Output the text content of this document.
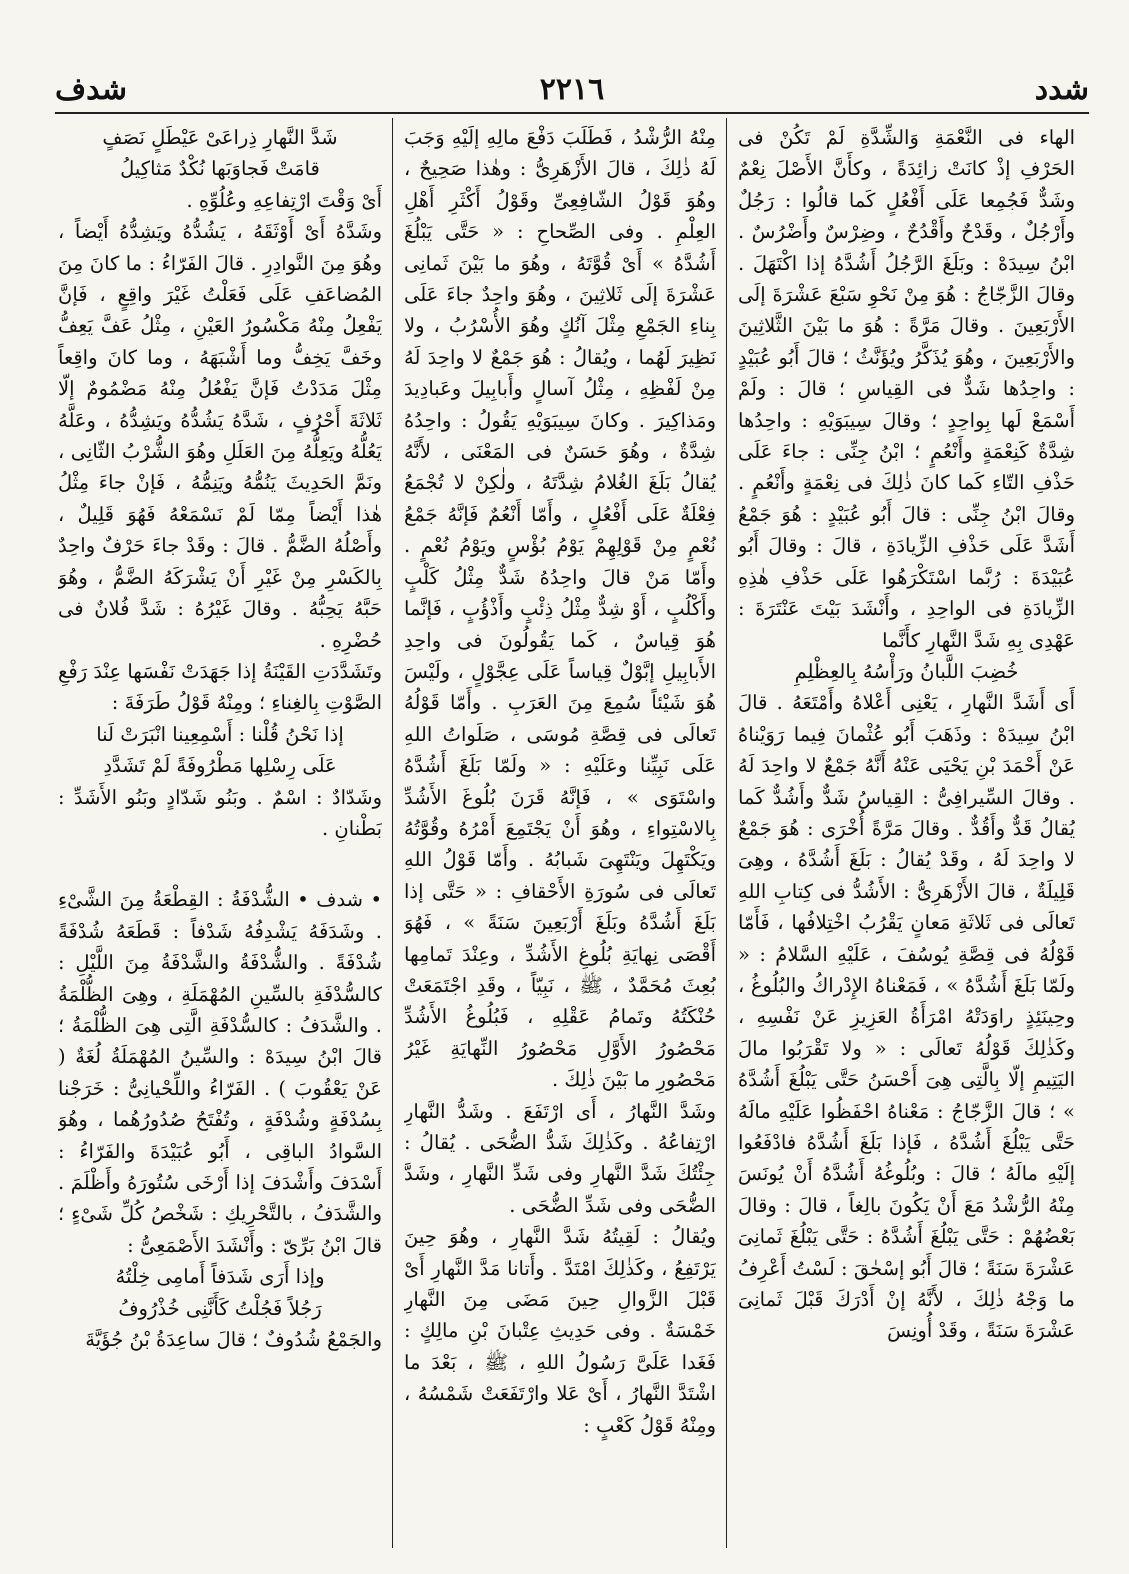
شدد
٢٢١٦
شدف

الهاء فى النَّعْمَةِ وَالشِّدَّةِ لَمْ تَكُنْ فى الحَرْفِ إذْ كانَتْ زائِدَةً ، وكأَنَّ الأَصْلَ نِعْمٌ وشَدٌّ فَجُمِعا عَلَى أَفْعُلٍ كَما قالُوا : رَجُلٌ وأَرْجُلٌ ، وقَدْحٌ وأَقْدُحٌ ، وضِرْسٌ وأَضْرُسٌ . ابْنُ سِيدَهْ : وبَلَغَ الرَّجُلُ أَشُدَّهُ إذا اكْتَهَلَ . وقالَ الزَّجّاجُ : هُوَ مِنْ نَحْوِ سَبْعَ عَشْرَةَ إلَى الأَرْبَعِينَ . وقالَ مَرَّةً : هُوَ ما بَيْنَ الثَّلاثِينَ والأَرْبَعِينَ ، وهُوَ يُذَكَّرُ ويُؤَنَّثُ ؛ قالَ أَبُو عُبَيْدٍ : واحِدُها شَدٌّ فى القِياسِ ؛ قالَ : ولَمْ أَسْمَعْ لَها بِواحِدٍ ؛ وقالَ سِيبَوَيْهِ : واحِدُها شِدَّةٌ كَنِعْمَةٍ وأَنْعُمٍ ؛ ابْنُ جِنِّى : جاءَ عَلَى حَذْفِ التّاءِ كَما كانَ ذٰلِكَ فى نِعْمَةٍ وأَنْعُمٍ . وقالَ ابْنُ جِنِّى : قالَ أَبُو عُبَيْدٍ : هُوَ جَمْعُ أَشَدَّ عَلَى حَذْفِ الزِّيادَةِ ، قالَ : وقالَ أَبُو عُبَيْدَةَ : رُبَّما اسْتَكْرَهُوا عَلَى حَذْفِ هٰذِهِ الزِّيادَةِ فى الواحِدِ ، وأَنْشَدَ بَيْتَ عَنْتَرَةَ : عَهْدِى بِهِ شَدَّ النَّهارِ كأَنَّما

خُضِبَ اللَّبانُ ورَأْسُهُ بِالعِظْلِمِ

أَى أَشَدَّ النَّهارِ ، يَعْنِى أَعْلاهُ وأَمْتَعَهُ . قالَ ابْنُ سِيدَهْ : وذَهَبَ أَبُو عُثْمانَ فِيما رَوَيْناهُ عَنْ أَحْمَدَ بْنِ يَحْيَى عَنْهُ أَنَّهُ جَمْعٌ لا واحِدَ لَهُ . وقالَ السِّيرافِىُّ : القِياسُ شَدٌّ وأَشُدٌّ كَما يُقالُ قَدٌّ وأَقُدٌّ . وقالَ مَرَّةً أُخْرَى : هُوَ جَمْعٌ لا واحِدَ لَهُ ، وقَدْ يُقالُ : بَلَغَ أَشُدَّهُ ، وهِىَ قَلِيلَةٌ ، قالَ الأَزْهَرِىُّ : الأَشُدُّ فى كِتابِ اللهِ تَعالَى فى ثَلاثَةِ مَعانٍ يَقْرُبُ اخْتِلافُها ، فَأَمّا قَوْلُهُ فى قِصَّةِ يُوسُفَ ، عَلَيْهِ السَّلامُ : « ولَمّا بَلَغَ أَشُدَّهُ » ، فَمَعْناهُ الإِدْراكُ والبُلُوغُ ، وحِينَئِذٍ راوَدَتْهُ امْرَأَةُ العَزِيزِ عَنْ نَفْسِهِ ، وكَذٰلِكَ قَوْلُهُ تَعالَى : « ولا تَقْرَبُوا مالَ اليَتِيمِ إلّا بِالَّتِى هِىَ أَحْسَنُ حَتَّى يَبْلُغَ أَشُدَّهُ » ؛ قالَ الزَّجّاجُ : مَعْناهُ احْفَظُوا عَلَيْهِ مالَهُ حَتَّى يَبْلُغَ أَشُدَّهُ ، فَإذا بَلَغَ أَشُدَّهُ فادْفَعُوا إلَيْهِ مالَهُ ؛ قالَ : وبُلُوغُهُ أَشُدَّهُ أَنْ يُونَسَ مِنْهُ الرُّشْدُ مَعَ أَنْ يَكُونَ بالِغاً ، قالَ : وقالَ بَعْضُهُمْ : حَتَّى يَبْلُغَ أَشُدَّهُ : حَتَّى يَبْلُغَ ثَمانِىَ عَشْرَةَ سَنَةً ؛ قالَ أَبُو إسْحٰقَ : لَسْتُ أَعْرِفُ ما وَجْهُ ذٰلِكَ ، لأَنَّهُ إنْ أَدْرَكَ قَبْلَ ثَمانِىَ عَشْرَةَ سَنَةً ، وقَدْ أُونِسَ

مِنْهُ الرُّشْدُ ، فَطَلَبَ دَفْعَ مالِهِ إلَيْهِ وَجَبَ لَهُ ذٰلِكَ ، قالَ الأَزْهَرِىُّ : وهٰذا صَحِيحٌ ، وهُوَ قَوْلُ الشّافِعِىِّ وقَوْلُ أَكْثَرِ أَهْلِ العِلْمِ . وفى الصِّحاحِ : « حَتَّى يَبْلُغَ أَشُدَّهُ » أَىْ قُوَّتَهُ ، وهُوَ ما بَيْنَ ثَمانِى عَشْرَةَ إلَى ثَلاثِينَ ، وهُوَ واحِدٌ جاءَ عَلَى بِناءِ الجَمْعِ مِثْلَ آنُكٍ وهُوَ الأُسْرُبُ ، ولا نَظِيرَ لَهُما ، ويُقالُ : هُوَ جَمْعٌ لا واحِدَ لَهُ مِنْ لَفْظِهِ ، مِثْلُ آسالٍ وأَبابِيلَ وعَبادِيدَ ومَذاكِيرَ . وكانَ سِيبَوَيْهِ يَقُولُ : واحِدُهُ شِدَّةٌ ، وهُوَ حَسَنٌ فى المَعْنَى ، لأَنَّهُ يُقالُ بَلَغَ الغُلامُ شِدَّتَهُ ، ولٰكِنْ لا تُجْمَعُ فِعْلَةٌ عَلَى أَفْعُلٍ ، وأَمّا أَنْعُمٌ فَإنَّهُ جَمْعُ نُعْمٍ مِنْ قَوْلِهِمْ يَوْمُ بُؤْسٍ ويَوْمُ نُعْمٍ . وأَمّا مَنْ قالَ واحِدُهُ شَدٌّ مِثْلُ كَلْبٍ وأَكْلُبٍ ، أَوْ شِدٌّ مِثْلُ ذِئْبٍ وأَذْؤُبٍ ، فَإنَّما هُوَ قِياسٌ ، كَما يَقُولُونَ فى واحِدِ الأَبابِيلِ إبَّوْلٌ قِياساً عَلَى عِجَّوْلٍ ، ولَيْسَ هُوَ شَيْئاً سُمِعَ مِنَ العَرَبِ . وأَمّا قَوْلُهُ تَعالَى فى قِصَّةِ مُوسَى ، صَلَواتُ اللهِ عَلَى نَبِيِّنا وعَلَيْهِ : « ولَمّا بَلَغَ أَشُدَّهُ واسْتَوَى » ، فَإنَّهُ قَرَنَ بُلُوغَ الأَشُدِّ بِالاسْتِواءِ ، وهُوَ أَنْ يَجْتَمِعَ أَمْرُهُ وقُوَّتُهُ ويَكْتَهِلَ ويَنْتَهِىَ شَبابُهُ . وأَمّا قَوْلُ اللهِ تَعالَى فى سُورَةِ الأَحْقافِ : « حَتَّى إذا بَلَغَ أَشُدَّهُ وبَلَغَ أَرْبَعِينَ سَنَةً » ، فَهُوَ أَقْصَى نِهايَةِ بُلُوغِ الأَشُدِّ ، وعِنْدَ تَمامِها بُعِثَ مُحَمَّدٌ ، ﷺ ، نَبِيّاً ، وقَدِ اجْتَمَعَتْ حُنْكَتُهُ وتَمامُ عَقْلِهِ ، فَبُلُوغُ الأَشُدِّ مَحْصُورُ الأَوَّلِ مَحْصُورُ النِّهايَةِ غَيْرُ مَحْصُورِ ما بَيْنَ ذٰلِكَ .

وشَدَّ النَّهارُ ، أَى ارْتَفَعَ . وشَدُّ النَّهارِ ارْتِفاعُهُ . وكَذٰلِكَ شَدُّ الضُّحَى . يُقالُ : جِئْتُكَ شَدَّ النَّهارِ وفى شَدِّ النَّهارِ ، وشَدَّ الضُّحَى وفى شَدِّ الضُّحَى .

ويُقالُ : لَقِيتُهُ شَدَّ النَّهارِ ، وهُوَ حِينَ يَرْتَفِعُ ، وكَذٰلِكَ امْتَدَّ . وأَتانا مَدَّ النَّهارِ أَىْ قَبْلَ الزَّوالِ حِينَ مَضَى مِنَ النَّهارِ خَمْسَةٌ . وفى حَدِيثِ عِتْبانَ بْنِ مالِكٍ : فَغَدا عَلَىَّ رَسُولُ اللهِ ، ﷺ ، بَعْدَ ما اشْتَدَّ النَّهارُ ، أَىْ عَلا وارْتَفَعَتْ شَمْسُهُ ، ومِنْهُ قَوْلُ كَعْبٍ :

شَدَّ النَّهارِ ذِراعَىْ عَيْطَلٍ نَصَفٍ

قامَتْ فَجاوَبَها نُكْدٌ مَثاكِيلُ

أَىْ وَقْتَ ارْتِفاعِهِ وعُلُوِّهِ .

وشَدَّهُ أَىْ أَوْثَقَهُ ، يَشُدُّهُ ويَشِدُّهُ أَيْضاً ، وهُوَ مِنَ النَّوادِرِ . قالَ الفَرّاءُ : ما كانَ مِنَ المُضاعَفِ عَلَى فَعَلْتُ غَيْرَ واقِعٍ ، فَإنَّ يَفْعِلُ مِنْهُ مَكْسُورُ العَيْنِ ، مِثْلُ عَفَّ يَعِفُّ وخَفَّ يَخِفُّ وما أَشْبَهَهُ ، وما كانَ واقِعاً مِثْلَ مَدَدْتُ فَإنَّ يَفْعُلُ مِنْهُ مَضْمُومٌ إلّا ثَلاثَةَ أَحْرُفٍ ، شَدَّهُ يَشُدُّهُ ويَشِدُّهُ ، وعَلَّهُ يَعُلُّهُ ويَعِلُّهُ مِنَ العَلَلِ وهُوَ الشُّرْبُ الثّانِى ، ونَمَّ الحَدِيثَ يَنُمُّهُ ويَنِمُّهُ ، فَإنْ جاءَ مِثْلُ هٰذا أَيْضاً مِمّا لَمْ نَسْمَعْهُ فَهُوَ قَلِيلٌ ، وأَصْلُهُ الضَّمُّ . قالَ : وقَدْ جاءَ حَرْفٌ واحِدٌ بِالكَسْرِ مِنْ غَيْرِ أَنْ يَشْرَكَهُ الضَّمُّ ، وهُوَ حَبَّهُ يَحِبُّهُ . وقالَ غَيْرُهُ : شَدَّ فُلانٌ فى حُضْرِهِ .

وتَشَدَّدَتِ القَيْنَةُ إذا جَهَدَتْ نَفْسَها عِنْدَ رَفْعِ الصَّوْتِ بِالغِناءِ ؛ ومِنْهُ قَوْلُ طَرَفَةَ :

إذا نَحْنُ قُلْنا : أَسْمِعِينا انْبَرَتْ لَنا

عَلَى رِسْلِها مَطْرُوفَةً لَمْ تَشَدَّدِ

وشَدّادٌ : اسْمٌ . وبَنُو شَدّادٍ وبَنُو الأَشَدِّ : بَطْنانِ .

• شدف • الشُّدْفَةُ : القِطْعَةُ مِنَ الشَّىْءِ . وشَدَفَهُ يَشْدِفُهُ شَدْفاً : قَطَعَهُ شُدْفَةً شُدْفَةً . والشُّدْفَةُ والشَّدْفَةُ مِنَ اللَّيْلِ : كالسُّدْفَةِ بالسِّينِ المُهْمَلَةِ ، وهِىَ الظُّلْمَةُ . والشَّدَفُ : كالسُّدْفَةِ الَّتِى هِىَ الظُّلْمَةُ ؛ قالَ ابْنُ سِيدَهْ : والسِّينُ المُهْمَلَةُ لُغَةٌ ( عَنْ يَعْقُوبَ ) . الفَرّاءُ واللِّحْيانِىُّ : خَرَجْنا بِسُدْفَةٍ وشُدْفَةٍ ، وتُفْتَحُ صُدُورُهُما ، وهُوَ السَّوادُ الباقِى ، أَبُو عُبَيْدَةَ والفَرّاءُ : أَسْدَفَ وأَشْدَفَ إذا أَرْخَى سُتُورَهُ وأَظْلَمَ . والشَّدَفُ ، بالتَّحْرِيكِ : شَخْصُ كُلِّ شَىْءٍ ؛ قالَ ابْنُ بَرِّىّ : وأَنْشَدَ الأَصْمَعِىُّ :

وإذا أَرَى شَدَفاً أَمامِى خِلْتُهُ

رَجُلاً فَجُلْتُ كَأَنَّنِى خُذْرُوفُ

والجَمْعُ شُدُوفٌ ؛ قالَ ساعِدَةُ بْنُ جُؤَيَّةَ
